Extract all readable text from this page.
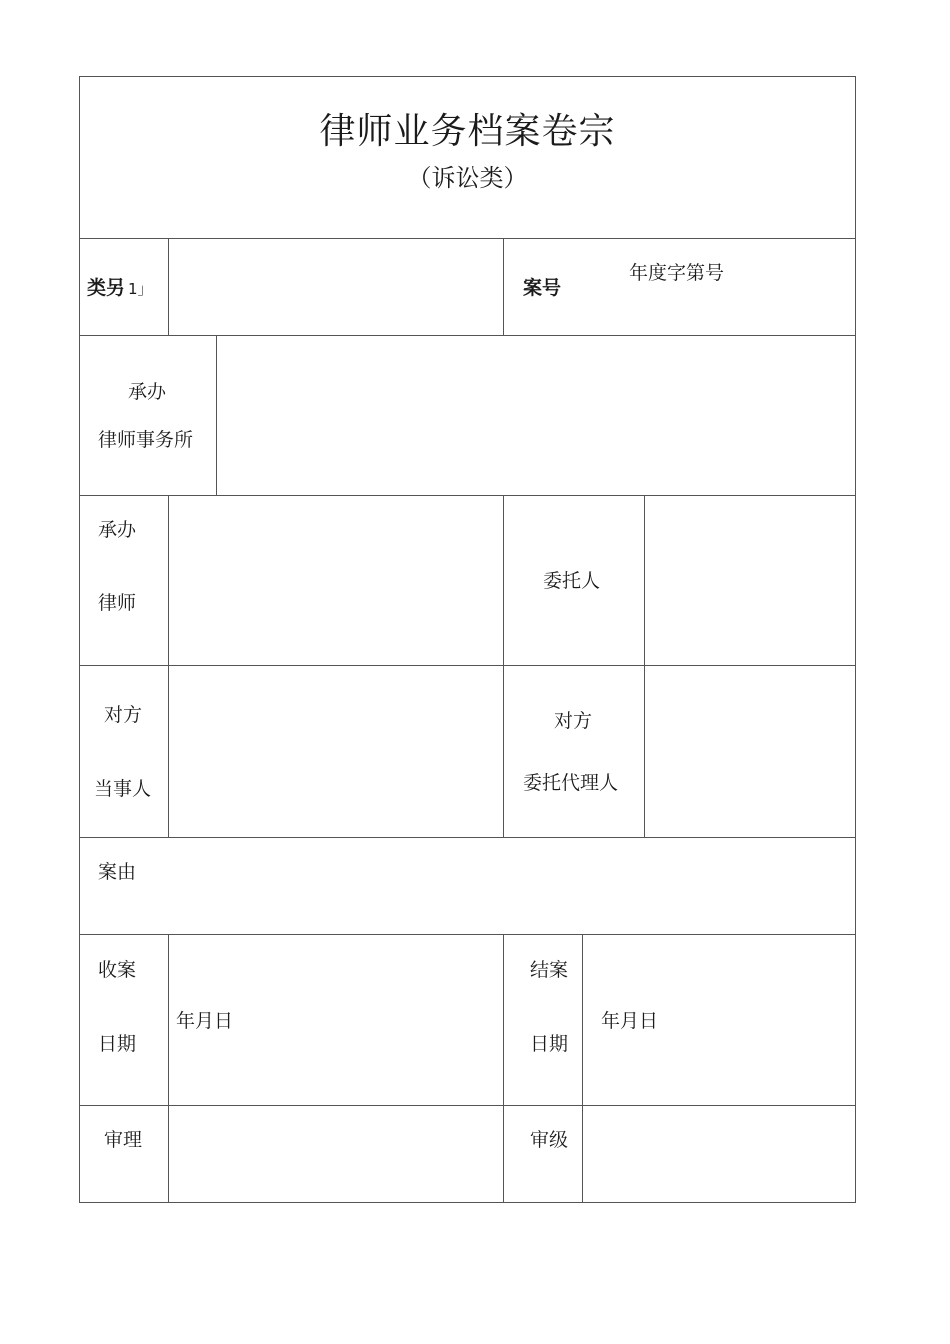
律师业务档案卷宗
（诉讼类）
类另 1」	案号
年度字第号
承办
律师事务所
承办
律师
委托人
对方
当事人
对方
委托代理人
案由
收案
日期
年月日
结案
日期
年月日
审理	审级
